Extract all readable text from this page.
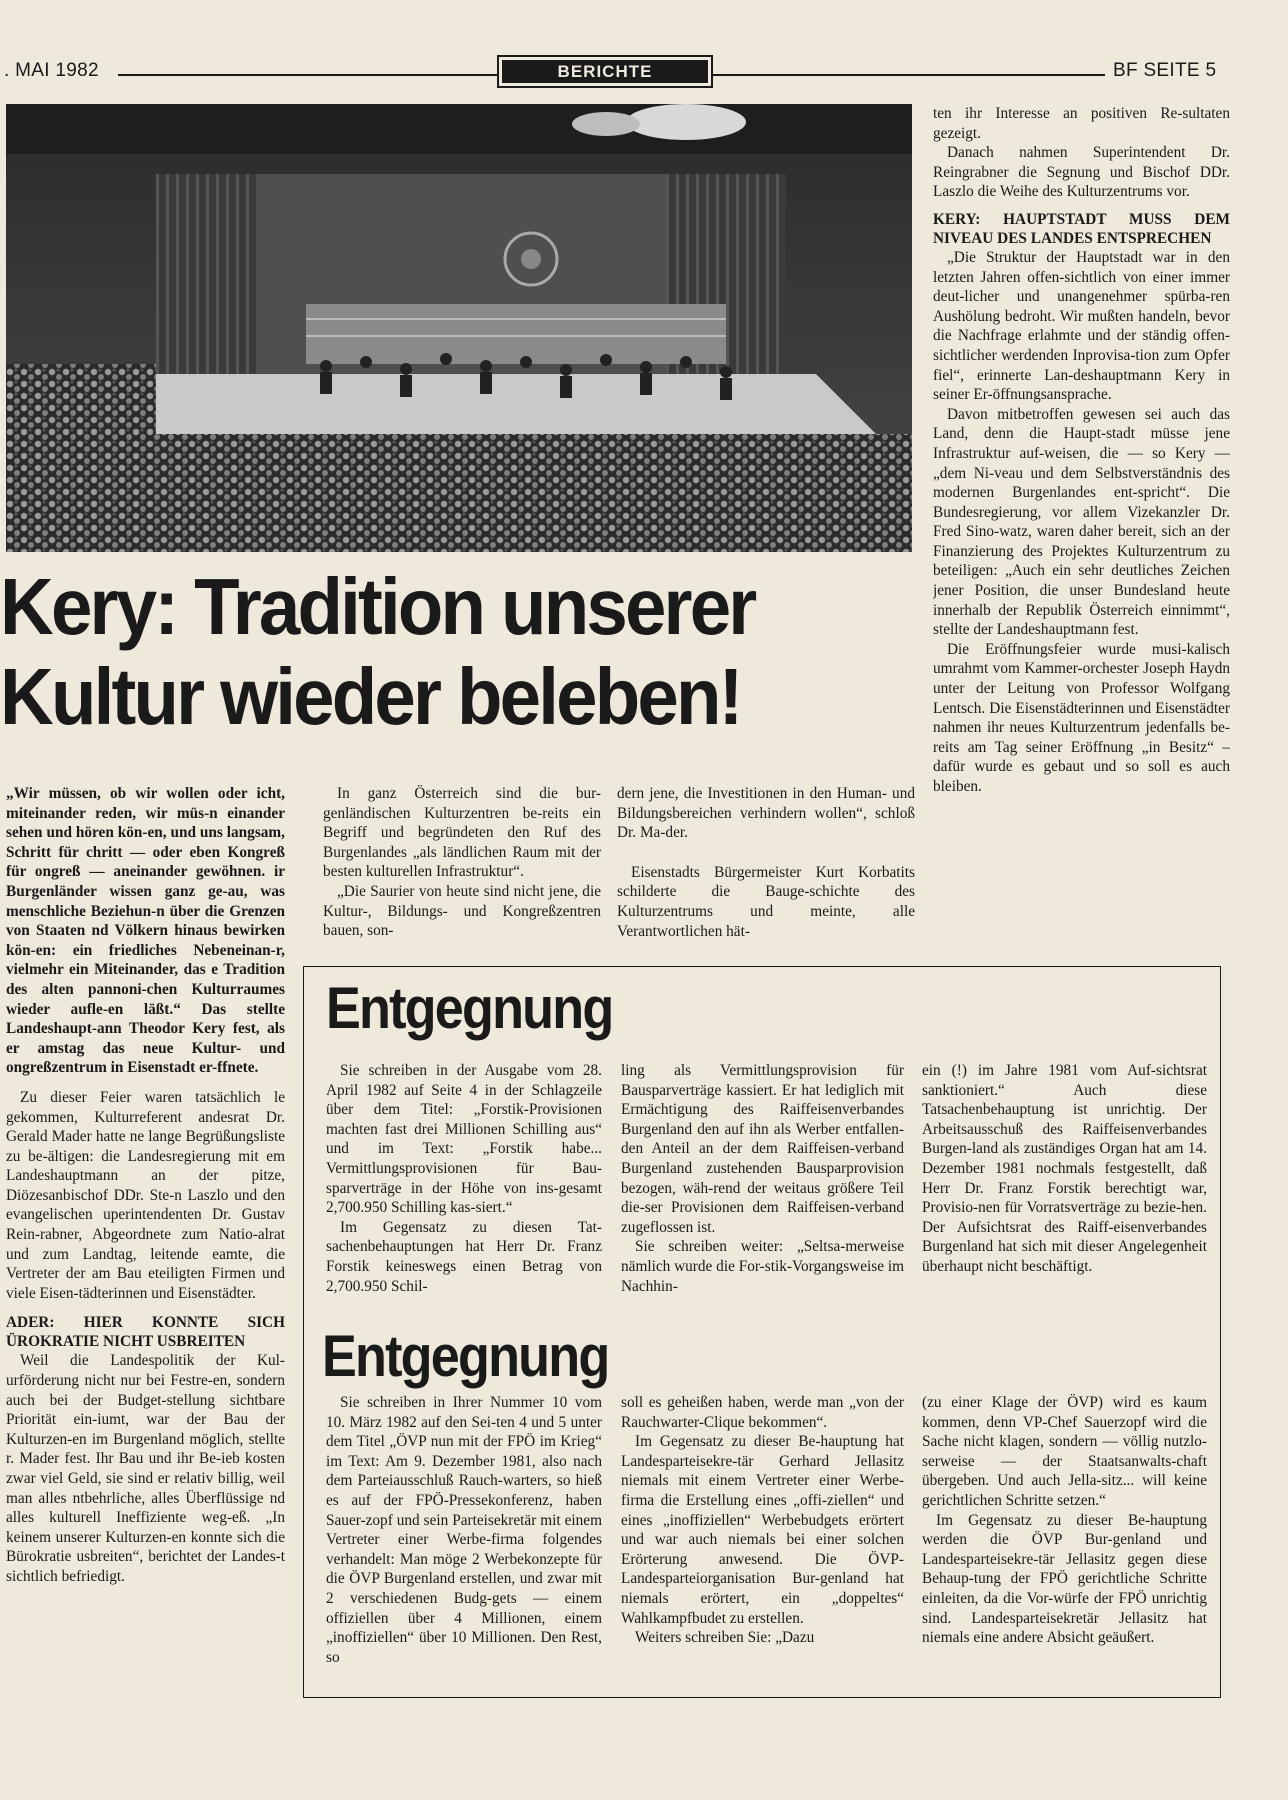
. MAI 1982	BERICHTE	BF SEITE 5
Kery: Tradition unserer
Kultur wieder beleben!

„Wir müssen, ob wir wollen oder icht, miteinander reden, wir müs-n einander sehen und hören kön-en, und uns langsam, Schritt für chritt — oder eben Kongreß für ongreß — aneinander gewöhnen. ir Burgenländer wissen ganz ge-au, was menschliche Beziehun-n über die Grenzen von Staaten nd Völkern hinaus bewirken kön-en: ein friedliches Nebeneinan-r, vielmehr ein Miteinander, das e Tradition des alten pannoni-chen Kulturraumes wieder aufle-en läßt.“ Das stellte Landeshaupt-ann Theodor Kery fest, als er amstag das neue Kultur- und ongreßzentrum in Eisenstadt er-ffnete.

Zu dieser Feier waren tatsächlich le gekommen, Kulturreferent andesrat Dr. Gerald Mader hatte ne lange Begrüßungsliste zu be-ältigen: die Landesregierung mit em Landeshauptmann an der pitze, Diözesanbischof DDr. Ste-n Laszlo und den evangelischen uperintendenten Dr. Gustav Rein-rabner, Abgeordnete zum Natio-alrat und zum Landtag, leitende eamte, die Vertreter der am Bau eteiligten Firmen und viele Eisen-tädterinnen und Eisenstädter.

ADER: HIER KONNTE SICH ÜROKRATIE NICHT USBREITEN

Weil die Landespolitik der Kul-urförderung nicht nur bei Festre-en, sondern auch bei der Budget-stellung sichtbare Priorität ein-iumt, war der Bau der Kulturzen-en im Burgenland möglich, stellte r. Mader fest. Ihr Bau und ihr Be-ieb kosten zwar viel Geld, sie sind er relativ billig, weil man alles ntbehrliche, alles Überflüssige nd alles kulturell Ineffiziente weg-eß. „In keinem unserer Kulturzen-en konnte sich die Bürokratie usbreiten“, berichtet der Landes-t sichtlich befriedigt.

In ganz Österreich sind die bur-genländischen Kulturzentren be-reits ein Begriff und begründeten den Ruf des Burgenlandes „als ländlichen Raum mit der besten kulturellen Infrastruktur“.

„Die Saurier von heute sind nicht jene, die Kultur-, Bildungs- und Kongreßzentren bauen, son-

dern jene, die Investitionen in den Human- und Bildungsbereichen verhindern wollen“, schloß Dr. Ma-der.

Eisenstadts Bürgermeister Kurt Korbatits schilderte die Bauge-schichte des Kulturzentrums und meinte, alle Verantwortlichen hät-

ten ihr Interesse an positiven Re-sultaten gezeigt.

Danach nahmen Superintendent Dr. Reingrabner die Segnung und Bischof DDr. Laszlo die Weihe des Kulturzentrums vor.

KERY: HAUPTSTADT MUSS DEM NIVEAU DES LANDES ENTSPRECHEN

„Die Struktur der Hauptstadt war in den letzten Jahren offen-sichtlich von einer immer deut-licher und unangenehmer spürba-ren Aushölung bedroht. Wir mußten handeln, bevor die Nachfrage erlahmte und der ständig offen-sichtlicher werdenden Inprovisa-tion zum Opfer fiel“, erinnerte Lan-deshauptmann Kery in seiner Er-öffnungsansprache.

Davon mitbetroffen gewesen sei auch das Land, denn die Haupt-stadt müsse jene Infrastruktur auf-weisen, die — so Kery — „dem Ni-veau und dem Selbstverständnis des modernen Burgenlandes ent-spricht“. Die Bundesregierung, vor allem Vizekanzler Dr. Fred Sino-watz, waren daher bereit, sich an der Finanzierung des Projektes Kulturzentrum zu beteiligen: „Auch ein sehr deutliches Zeichen jener Position, die unser Bundesland heute innerhalb der Republik Österreich einnimmt“, stellte der Landeshauptmann fest.

Die Eröffnungsfeier wurde musi-kalisch umrahmt vom Kammer-orchester Joseph Haydn unter der Leitung von Professor Wolfgang Lentsch. Die Eisenstädterinnen und Eisenstädter nahmen ihr neues Kulturzentrum jedenfalls be-reits am Tag seiner Eröffnung „in Besitz“ – dafür wurde es gebaut und so soll es auch bleiben.

Entgegnung

Sie schreiben in der Ausgabe vom 28. April 1982 auf Seite 4 in der Schlagzeile über dem Titel: „Forstik-Provisionen machten fast drei Millionen Schilling aus“ und im Text: „Forstik habe... Vermittlungsprovisionen für Bau-sparverträge in der Höhe von ins-gesamt 2,700.950 Schilling kas-siert.“

Im Gegensatz zu diesen Tat-sachenbehauptungen hat Herr Dr. Franz Forstik keineswegs einen Betrag von 2,700.950 Schil-

ling als Vermittlungsprovision für Bausparverträge kassiert. Er hat lediglich mit Ermächtigung des Raiffeisenverbandes Burgenland den auf ihn als Werber entfallen-den Anteil an der dem Raiffeisen-verband Burgenland zustehenden Bausparprovision bezogen, wäh-rend der weitaus größere Teil die-ser Provisionen dem Raiffeisen-verband zugeflossen ist.

Sie schreiben weiter: „Seltsa-merweise nämlich wurde die For-stik-Vorgangsweise im Nachhin-

ein (!) im Jahre 1981 vom Auf-sichtsrat sanktioniert.“ Auch diese Tatsachenbehauptung ist unrichtig. Der Arbeitsausschuß des Raiffeisenverbandes Burgen-land als zuständiges Organ hat am 14. Dezember 1981 nochmals festgestellt, daß Herr Dr. Franz Forstik berechtigt war, Provisio-nen für Vorratsverträge zu bezie-hen. Der Aufsichtsrat des Raiff-eisenverbandes Burgenland hat sich mit dieser Angelegenheit überhaupt nicht beschäftigt.

Entgegnung

Sie schreiben in Ihrer Nummer 10 vom 10. März 1982 auf den Sei-ten 4 und 5 unter dem Titel „ÖVP nun mit der FPÖ im Krieg“ im Text: Am 9. Dezember 1981, also nach dem Parteiausschluß Rauch-warters, so hieß es auf der FPÖ-Pressekonferenz, haben Sauer-zopf und sein Parteisekretär mit einem Vertreter einer Werbe-firma folgendes verhandelt: Man möge 2 Werbekonzepte für die ÖVP Burgenland erstellen, und zwar mit 2 verschiedenen Budg-gets — einem offiziellen über 4 Millionen, einem „inoffiziellen“ über 10 Millionen. Den Rest, so

soll es geheißen haben, werde man „von der Rauchwarter-Clique bekommen“.

Im Gegensatz zu dieser Be-hauptung hat Landesparteisekre-tär Gerhard Jellasitz niemals mit einem Vertreter einer Werbe-firma die Erstellung eines „offi-ziellen“ und eines „inoffiziellen“ Werbebudgets erörtert und war auch niemals bei einer solchen Erörterung anwesend. Die ÖVP-Landesparteiorganisation Bur-genland hat niemals erörtert, ein „doppeltes“ Wahlkampfbudet zu erstellen.

Weiters schreiben Sie: „Dazu

(zu einer Klage der ÖVP) wird es kaum kommen, denn VP-Chef Sauerzopf wird die Sache nicht klagen, sondern — völlig nutzlo-serweise — der Staatsanwalts-chaft übergeben. Und auch Jella-sitz... will keine gerichtlichen Schritte setzen.“

Im Gegensatz zu dieser Be-hauptung werden die ÖVP Bur-genland und Landesparteisekre-tär Jellasitz gegen diese Behaup-tung der FPÖ gerichtliche Schritte einleiten, da die Vor-würfe der FPÖ unrichtig sind. Landesparteisekretär Jellasitz hat niemals eine andere Absicht geäußert.
